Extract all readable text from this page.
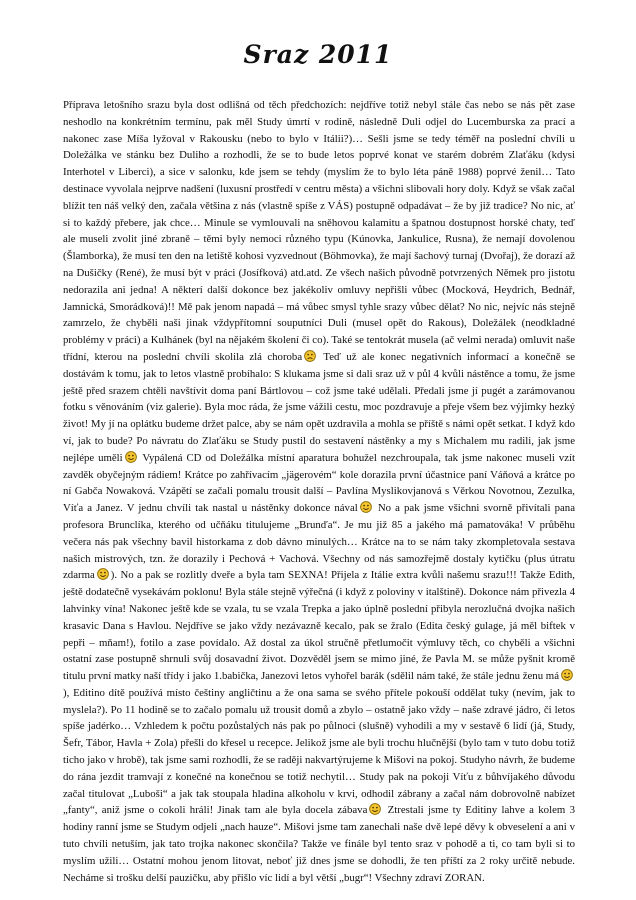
Sraz 2011

Příprava letošního srazu byla dost odlišná od těch předchozích: nejdříve totiž nebyl stále čas nebo se nás pět zase neshodlo na konkrétním termínu, pak měl Study úmrtí v rodině, následně Duli odjel do Lucemburska za prací a nakonec zase Míša lyžoval v Rakousku (nebo to bylo v Itálii?)… Sešli jsme se tedy téměř na poslední chvíli u Doležálka ve stánku bez Duliho a rozhodli, že se to bude letos poprvé konat ve starém dobrém Zlaťáku (kdysi Interhotel v Liberci), a sice v salonku, kde jsem se tehdy (myslím že to bylo léta páně 1988) poprvé ženil… Tato destinace vyvolala nejprve nadšení (luxusní prostředí v centru města) a všichni slibovali hory doly. Když se však začal blížit ten náš velký den, začala většina z nás (vlastně spíše z VÁS) postupně odpadávat – že by již tradice? No nic, ať si to každý přebere, jak chce… Minule se vymlouvali na sněhovou kalamitu a špatnou dostupnost horské chaty, teď ale museli zvolit jiné zbraně – těmi byly nemoci různého typu (Kúnovka, Jankulice, Rusna), že nemají dovolenou (Šlamborka), že musí ten den na letiště kohosi vyzvednout (Böhmovka), že mají šachový turnaj (Dvořaj), že dorazí až na Dušičky (René), že musí být v práci (Josífková) atd.atd. Ze všech našich původně potvrzených Němek pro jistotu nedorazila ani jedna! A některí další dokonce bez jakékoliv omluvy nepřišli vůbec (Mocková, Heydrich, Bednář, Jamnická, Smorádková)!! Mě pak jenom napadá – má vůbec smysl tyhle srazy vůbec dělat? No nic, nejvíc nás stejně zamrzelo, že chyběli naši jinak vždypřítomní souputníci Duli (musel opět do Rakous), Doležálek (neodkladné problémy v práci) a Kulhánek (byl na nějakém školení či co). Také se tentokrát musela (ač velmi nerada) omluvit naše třídní, kterou na poslední chvíli skolila zlá choroba Teď už ale konec negativních informací a konečně se dostávám k tomu, jak to letos vlastně probíhalo: S klukama jsme si dali sraz už v půl 4 kvůli nástěnce a tomu, že jsme ještě před srazem chtěli navštívit doma paní Bártlovou – což jsme také udělali. Předali jsme jí pugét a zarámovanou fotku s věnováním (viz galerie). Byla moc ráda, že jsme vážili cestu, moc pozdravuje a přeje všem bez výjimky hezký život! My jí na oplátku budeme držet palce, aby se nám opět uzdravila a mohla se příště s námi opět setkat. I když kdo ví, jak to bude? Po návratu do Zlaťáku se Study pustil do sestavení nástěnky a my s Michalem mu radili, jak jsme nejlépe uměli Vypálená CD od Doležálka místní aparatura bohužel nezchroupala, tak jsme nakonec museli vzít zavděk obyčejným rádiem! Krátce po zahřívacím „jägerovém“ kole dorazila první účastnice paní Váňová a krátce po ní Gabča Nowaková. Vzápětí se začali pomalu trousit další – Pavlína Myslikovjanová s Věrkou Novotnou, Zezulka, Víťa a Janez. V jednu chvíli tak nastal u nástěnky dokonce nával No a pak jsme všichni svorně přivítali pana profesora Brunclíka, kterého od učňáku titulujeme „Brunďa“. Je mu již 85 a jakého má pamatováka! V průběhu večera nás pak všechny bavil historkama z dob dávno minulých… Krátce na to se nám taky zkompletovala sestava našich mistrových, tzn. že dorazily i Pechová + Vachová. Všechny od nás samozřejmě dostaly kytičku (plus útratu zdarma ). No a pak se rozlitly dveře a byla tam SEXNA! Přijela z Itálie extra kvůli našemu srazu!!! Takže Edith, ještě dodatečně vysekávám poklonu! Byla stále stejně výřečná (i když z poloviny v italštině). Dokonce nám přivezla 4 lahvinky vína! Nakonec ještě kde se vzala, tu se vzala Trepka a jako úplně poslední přibyla nerozlučná dvojka našich krasavic Dana s Havlou. Nejdříve se jako vždy nezávazně kecalo, pak se žralo (Edita český gulage, já měl biftek v pepři – mňam!), fotilo a zase povídalo. Až dostal za úkol stručně přetlumočit výmluvy těch, co chyběli a všichni ostatní zase postupně shrnuli svůj dosavadní život. Dozvěděl jsem se mimo jiné, že Pavla M. se může pyšnit kromě titulu první matky naší třídy i jako 1.babička, Janezovi letos vyhořel barák (sdělil nám také, že stále jednu ženu má), Editino dítě používá místo češtiny angličtinu a že ona sama se svého přítele pokouší oddělat tuky (nevím, jak to myslela?). Po 11 hodině se to začalo pomalu už trousit domů a zbylo – ostatně jako vždy – naše zdravé jádro, či letos spíše jadérko… Vzhledem k počtu pozůstalých nás pak po půlnoci (slušně) vyhodili a my v sestavě 6 lidí (já, Study, Šefr, Tábor, Havla + Zola) přešli do křesel u recepce. Jelikož jsme ale byli trochu hlučnější (bylo tam v tuto dobu totiž ticho jako v hrobě), tak jsme sami rozhodli, že se raději nakvartýrujeme k Mišovi na pokoj. Studyho návrh, že budeme do rána jezdit tramvají z konečné na konečnou se totiž nechytil… Study pak na pokoji Víťu z bůhvíjakého důvodu začal titulovat „Luboši“ a jak tak stoupala hladina alkoholu v krvi, odhodil zábrany a začal nám dobrovolně nabízet „fanty“, aniž jsme o cokoli hráli! Jinak tam ale byla docela zábava Ztrestali jsme ty Editiny lahve a kolem 3 hodiny ranní jsme se Studym odjeli „nach hauze“. Mišovi jsme tam zanechali naše dvě lepé děvy k obveselení a ani v tuto chvíli netuším, jak tato trojka nakonec skončila? Takže ve finále byl tento sraz v pohodě a ti, co tam byli si to myslím užili… Ostatní mohou jenom litovat, neboť již dnes jsme se dohodli, že ten příští za 2 roky určitě nebude. Necháme si trošku delší pauzičku, aby přišlo víc lidí a byl větší „bugr“! Všechny zdraví ZORAN.
